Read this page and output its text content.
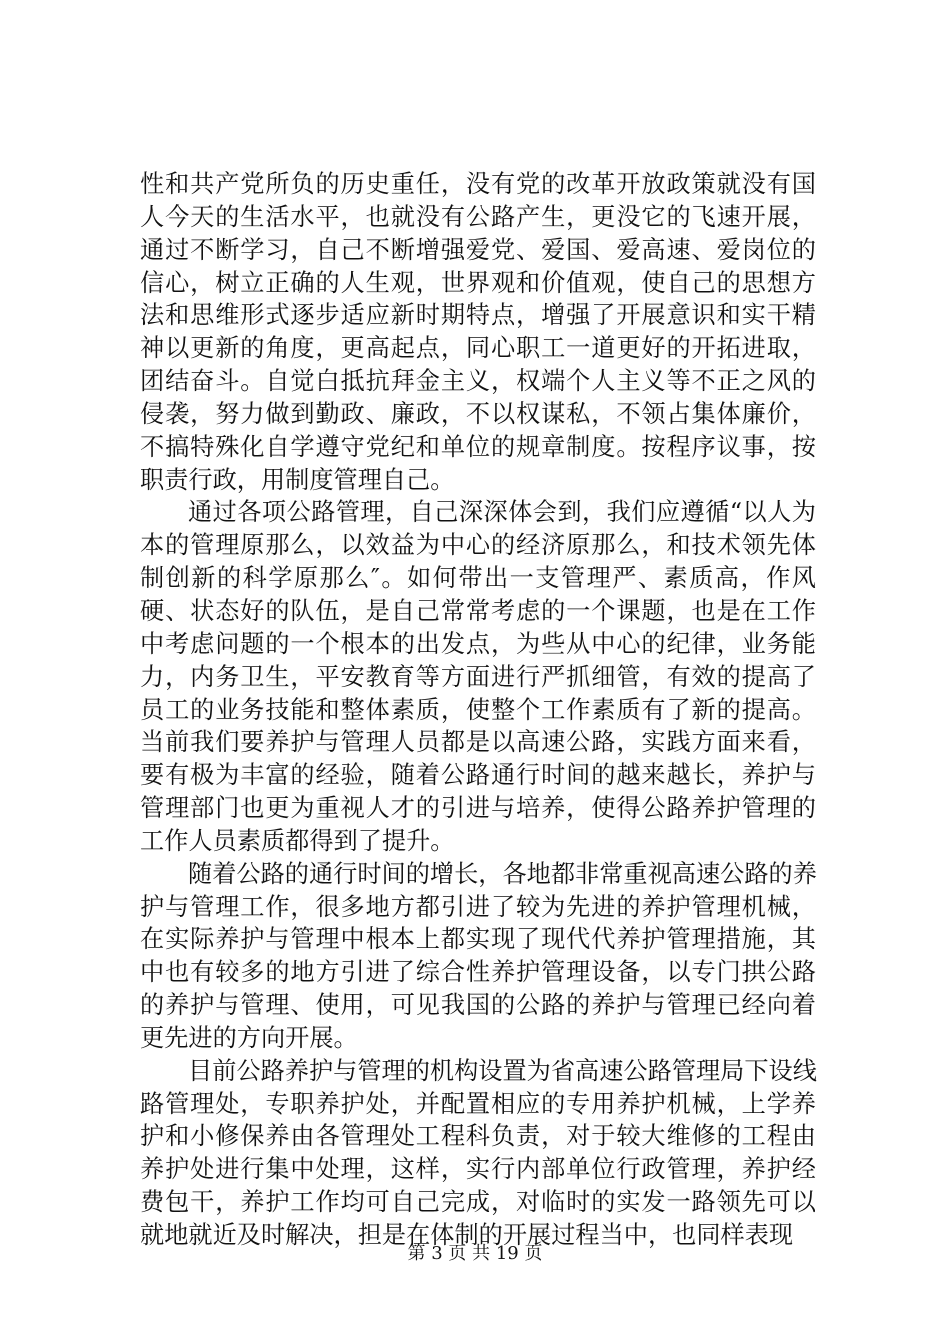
性和共产党所负的历史重任，没有党的改革开放政策就没有国
人今天的生活水平，也就没有公路产生，更没它的飞速开展，
通过不断学习，自己不断增强爱党、爱国、爱高速、爱岗位的
信心，树立正确的人生观，世界观和价值观，使自己的思想方
法和思维形式逐步适应新时期特点，增强了开展意识和实干精
神以更新的角度，更高起点，同心职工一道更好的开拓进取，
团结奋斗。自觉白抵抗拜金主义，权端个人主义等不正之风的
侵袭，努力做到勤政、廉政，不以权谋私，不领占集体廉价，
不搞特殊化自学遵守党纪和单位的规章制度。按程序议事，按
职责行政，用制度管理自己。
通过各项公路管理，自己深深体会到，我们应遵循“以人为
本的管理原那么，以效益为中心的经济原那么，和技术领先体
制创新的科学原那么″。如何带出一支管理严、素质高，作风
硬、状态好的队伍，是自己常常考虑的一个课题，也是在工作
中考虑问题的一个根本的出发点，为些从中心的纪律，业务能
力，内务卫生，平安教育等方面进行严抓细管，有效的提高了
员工的业务技能和整体素质，使整个工作素质有了新的提高。
当前我们要养护与管理人员都是以高速公路，实践方面来看，
要有极为丰富的经验，随着公路通行时间的越来越长，养护与
管理部门也更为重视人才的引进与培养，使得公路养护管理的
工作人员素质都得到了提升。
随着公路的通行时间的增长，各地都非常重视高速公路的养
护与管理工作，很多地方都引进了较为先进的养护管理机械，
在实际养护与管理中根本上都实现了现代代养护管理措施，其
中也有较多的地方引进了综合性养护管理设备，以专门拱公路
的养护与管理、使用，可见我国的公路的养护与管理已经向着
更先进的方向开展。
目前公路养护与管理的机构设置为省高速公路管理局下设线
路管理处，专职养护处，并配置相应的专用养护机械，上学养
护和小修保养由各管理处工程科负责，对于较大维修的工程由
养护处进行集中处理，这样，实行内部单位行政管理，养护经
费包干，养护工作均可自己完成，对临时的实发一路领先可以
就地就近及时解决，担是在体制的开展过程当中，也同样表现
第 3 页 共 19 页
